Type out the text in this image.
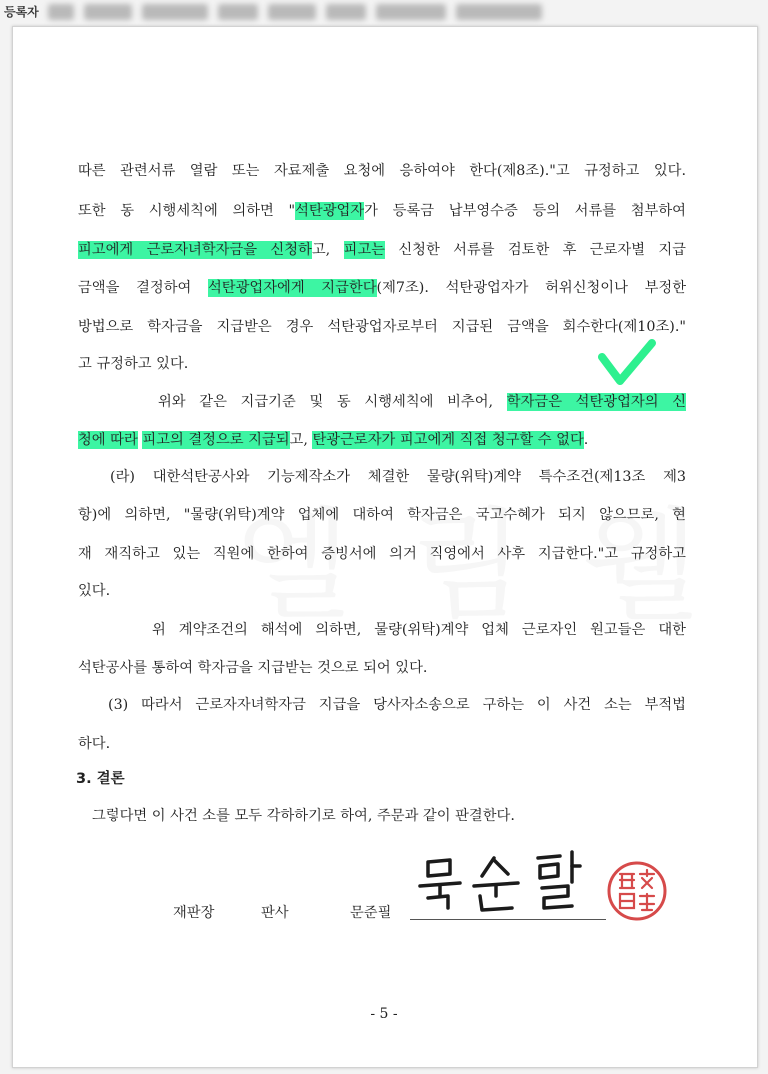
등록자
따른 관련서류 열람 또는 자료제출 요청에 응하여야 한다(제8조)."고 규정하고 있다.
또한 동 시행세칙에 의하면 "석탄광업자가 등록금 납부영수증 등의 서류를 첨부하여
피고에게 근로자녀학자금을 신청하고, 피고는 신청한 서류를 검토한 후 근로자별 지급
금액을 결정하여 석탄광업자에게 지급한다(제7조). 석탄광업자가 허위신청이나 부정한
방법으로 학자금을 지급받은 경우 석탄광업자로부터 지급된 금액을 회수한다(제10조)."
고 규정하고 있다.
위와 같은 지급기준 및 동 시행세칙에 비추어, 학자금은 석탄광업자의 신
청에 따라 피고의 결정으로 지급되고, 탄광근로자가 피고에게 직접 청구할 수 없다.
(라) 대한석탄공사와 기능제작소가 체결한 물량(위탁)계약 특수조건(제13조 제3
항)에 의하면, "물량(위탁)계약 업체에 대하여 학자금은 국고수혜가 되지 않으므로, 현
재 재직하고 있는 직원에 한하여 증빙서에 의거 직영에서 사후 지급한다."고 규정하고
있다.
위 계약조건의 해석에 의하면, 물량(위탁)계약 업체 근로자인 원고들은 대한
석탄공사를 통하여 학자금을 지급받는 것으로 되어 있다.
(3) 따라서 근로자자녀학자금 지급을 당사자소송으로 구하는 이 사건 소는 부적법
하다.
3. 결론
그렇다면 이 사건 소를 모두 각하하기로 하여, 주문과 같이 판결한다.
재판장	판사	문준필
- 5 -
